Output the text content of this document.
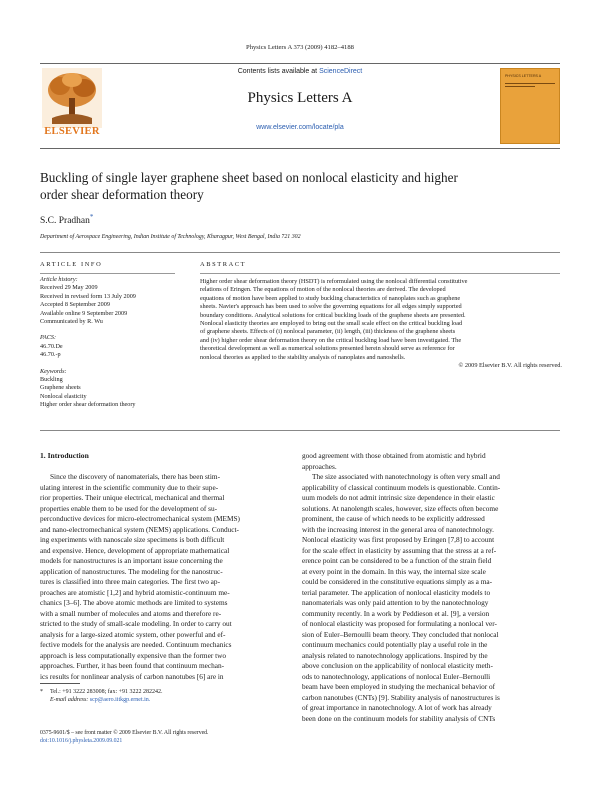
Physics Letters A 373 (2009) 4182–4188
ELSEVIER
Contents lists available at ScienceDirect
Physics Letters A
www.elsevier.com/locate/pla
PHYSICS LETTERS A
Buckling of single layer graphene sheet based on nonlocal elasticity and higher
order shear deformation theory
S.C. Pradhan*
Department of Aerospace Engineering, Indian Institute of Technology, Kharagpur, West Bengal, India 721 302
ARTICLE INFO
Article history:
Received 29 May 2009
Received in revised form 13 July 2009
Accepted 8 September 2009
Available online 9 September 2009
Communicated by R. Wu
PACS:
46.70.De
46.70.-p
Keywords:
Buckling
Graphene sheets
Nonlocal elasticity
Higher order shear deformation theory
ABSTRACT
Higher order shear deformation theory (HSDT) is reformulated using the nonlocal differential constitutive
relations of Eringen. The equations of motion of the nonlocal theories are derived. The developed
equations of motion have been applied to study buckling characteristics of nanoplates such as graphene
sheets. Navier's approach has been used to solve the governing equations for all edges simply supported
boundary conditions. Analytical solutions for critical buckling loads of the graphene sheets are presented.
Nonlocal elasticity theories are employed to bring out the small scale effect on the critical buckling load
of graphene sheets. Effects of (i) nonlocal parameter, (ii) length, (iii) thickness of the graphene sheets
and (iv) higher order shear deformation theory on the critical buckling load have been investigated. The
theoretical development as well as numerical solutions presented herein should serve as reference for
nonlocal theories as applied to the stability analysis of nanoplates and nanoshells.
© 2009 Elsevier B.V. All rights reserved.
1. Introduction
Since the discovery of nanomaterials, there has been stim-
ulating interest in the scientific community due to their supe-
rior properties. Their unique electrical, mechanical and thermal
properties enable them to be used for the development of su-
perconductive devices for micro-electromechanical system (MEMS)
and nano-electromechanical system (NEMS) applications. Conduct-
ing experiments with nanoscale size specimens is both difficult
and expensive. Hence, development of appropriate mathematical
models for nanostructures is an important issue concerning the
application of nanostructures. The modeling for the nanostruc-
tures is classified into three main categories. The first two ap-
proaches are atomistic [1,2] and hybrid atomistic-continuum me-
chanics [3–6]. The above atomic methods are limited to systems
with a small number of molecules and atoms and therefore re-
stricted to the study of small-scale modeling. In order to carry out
analysis for a large-sized atomic system, other powerful and ef-
fective models for the analysis are needed. Continuum mechanics
approach is less computationally expensive than the former two
approaches. Further, it has been found that continuum mechan-
ics results for nonlinear analysis of carbon nanotubes [6] are in
* Tel.: +91 3222 283008; fax: +91 3222 282242.
E-mail address: scp@aero.iitkgp.ernet.in.
good agreement with those obtained from atomistic and hybrid
approaches.
The size associated with nanotechnology is often very small and
applicability of classical continuum models is questionable. Contin-
uum models do not admit intrinsic size dependence in their elastic
solutions. At nanolength scales, however, size effects often become
prominent, the cause of which needs to be explicitly addressed
with the increasing interest in the general area of nanotechnology.
Nonlocal elasticity was first proposed by Eringen [7,8] to account
for the scale effect in elasticity by assuming that the stress at a ref-
erence point can be considered to be a function of the strain field
at every point in the domain. In this way, the internal size scale
could be considered in the constitutive equations simply as a ma-
terial parameter. The application of nonlocal elasticity models to
nanomaterials was only paid attention to by the nanotechnology
community recently. In a work by Peddieson et al. [9], a version
of nonlocal elasticity was proposed for formulating a nonlocal ver-
sion of Euler–Bernoulli beam theory. They concluded that nonlocal
continuum mechanics could potentially play a useful role in the
analysis related to nanotechnology applications. Inspired by the
above conclusion on the applicability of nonlocal elasticity meth-
ods to nanotechnology, applications of nonlocal Euler–Bernoulli
beam have been employed in studying the mechanical behavior of
carbon nanotubes (CNTs) [9]. Stability analysis of nanostructures is
of great importance in nanotechnology. A lot of work has already
been done on the continuum models for stability analysis of CNTs
0375-9601/$ – see front matter © 2009 Elsevier B.V. All rights reserved.
doi:10.1016/j.physleta.2009.09.021
